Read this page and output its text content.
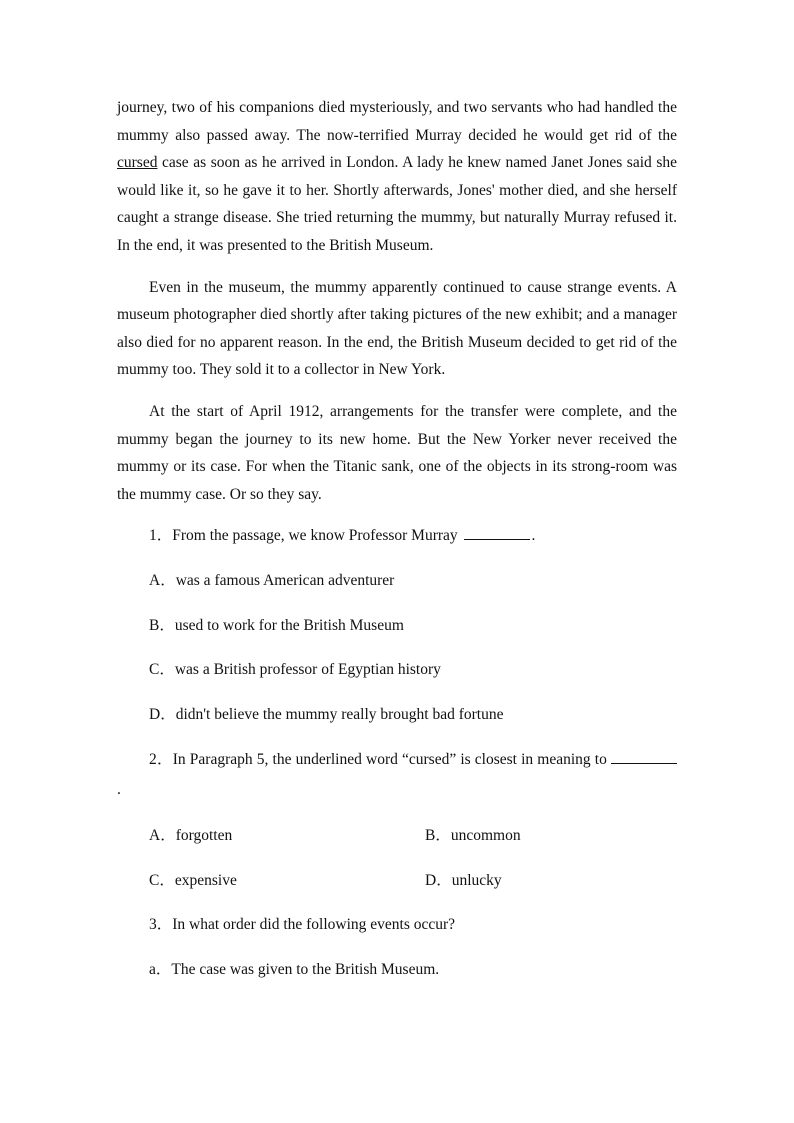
journey, two of his companions died mysteriously, and two servants who had handled the mummy also passed away. The now-terrified Murray decided he would get rid of the cursed case as soon as he arrived in London. A lady he knew named Janet Jones said she would like it, so he gave it to her. Shortly afterwards, Jones' mother died, and she herself caught a strange disease. She tried returning the mummy, but naturally Murray refused it. In the end, it was presented to the British Museum.

Even in the museum, the mummy apparently continued to cause strange events. A museum photographer died shortly after taking pictures of the new exhibit; and a manager also died for no apparent reason. In the end, the British Museum decided to get rid of the mummy too. They sold it to a collector in New York.

At the start of April 1912, arrangements for the transfer were complete, and the mummy began the journey to its new home. But the New Yorker never received the mummy or its case. For when the Titanic sank, one of the objects in its strong-room was the mummy case. Or so they say.

1．From the passage, we know Professor Murray	.

A．was a famous American adventurer

B．used to work for the British Museum

C．was a British professor of Egyptian history

D．didn't believe the mummy really brought bad fortune

2．In Paragraph 5, the underlined word “cursed” is closest in meaning to .

A．forgotten	B．uncommon
C．expensive	D．unlucky

3．In what order did the following events occur?

a．The case was given to the British Museum.
